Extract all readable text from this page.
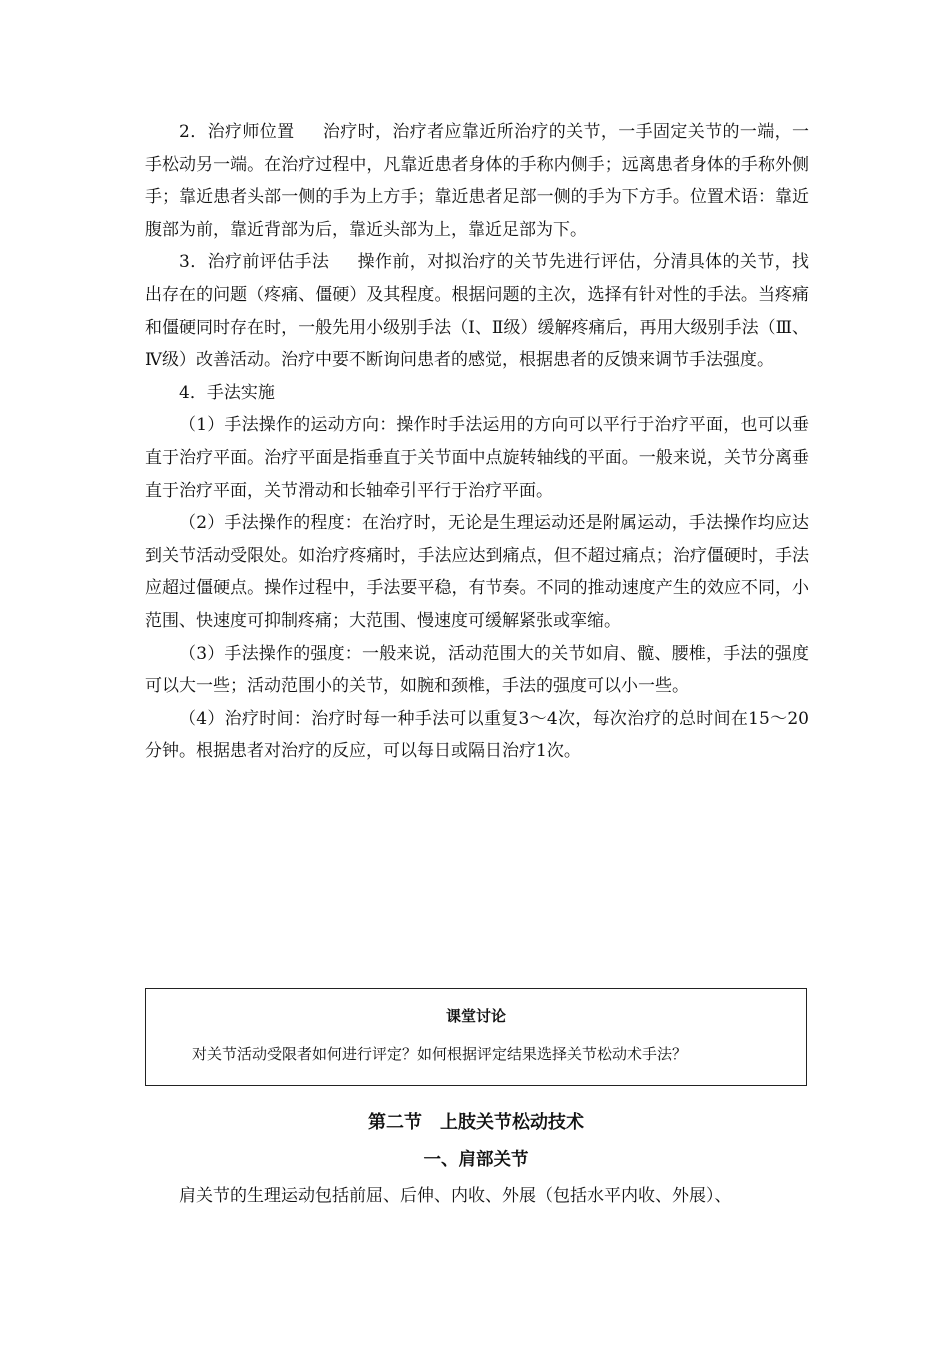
2．治疗师位置 治疗时，治疗者应靠近所治疗的关节，一手固定关节的一端，一手松动另一端。在治疗过程中，凡靠近患者身体的手称内侧手；远离患者身体的手称外侧手；靠近患者头部一侧的手为上方手；靠近患者足部一侧的手为下方手。位置术语：靠近腹部为前，靠近背部为后，靠近头部为上，靠近足部为下。

3．治疗前评估手法 操作前，对拟治疗的关节先进行评估，分清具体的关节，找出存在的问题（疼痛、僵硬）及其程度。根据问题的主次，选择有针对性的手法。当疼痛和僵硬同时存在时，一般先用小级别手法（Ⅰ、Ⅱ级）缓解疼痛后，再用大级别手法（Ⅲ、Ⅳ级）改善活动。治疗中要不断询问患者的感觉，根据患者的反馈来调节手法强度。

4．手法实施

（1）手法操作的运动方向：操作时手法运用的方向可以平行于治疗平面，也可以垂直于治疗平面。治疗平面是指垂直于关节面中点旋转轴线的平面。一般来说，关节分离垂直于治疗平面，关节滑动和长轴牵引平行于治疗平面。

（2）手法操作的程度：在治疗时，无论是生理运动还是附属运动，手法操作均应达到关节活动受限处。如治疗疼痛时，手法应达到痛点，但不超过痛点；治疗僵硬时，手法应超过僵硬点。操作过程中，手法要平稳，有节奏。不同的推动速度产生的效应不同，小范围、快速度可抑制疼痛；大范围、慢速度可缓解紧张或挛缩。

（3）手法操作的强度：一般来说，活动范围大的关节如肩、髋、腰椎，手法的强度可以大一些；活动范围小的关节，如腕和颈椎，手法的强度可以小一些。

（4）治疗时间：治疗时每一种手法可以重复3～4次，每次治疗的总时间在15～20分钟。根据患者对治疗的反应，可以每日或隔日治疗1次。

课堂讨论
对关节活动受限者如何进行评定？如何根据评定结果选择关节松动术手法？
第二节　上肢关节松动技术
一、肩部关节

肩关节的生理运动包括前屈、后伸、内收、外展（包括水平内收、外展）、
